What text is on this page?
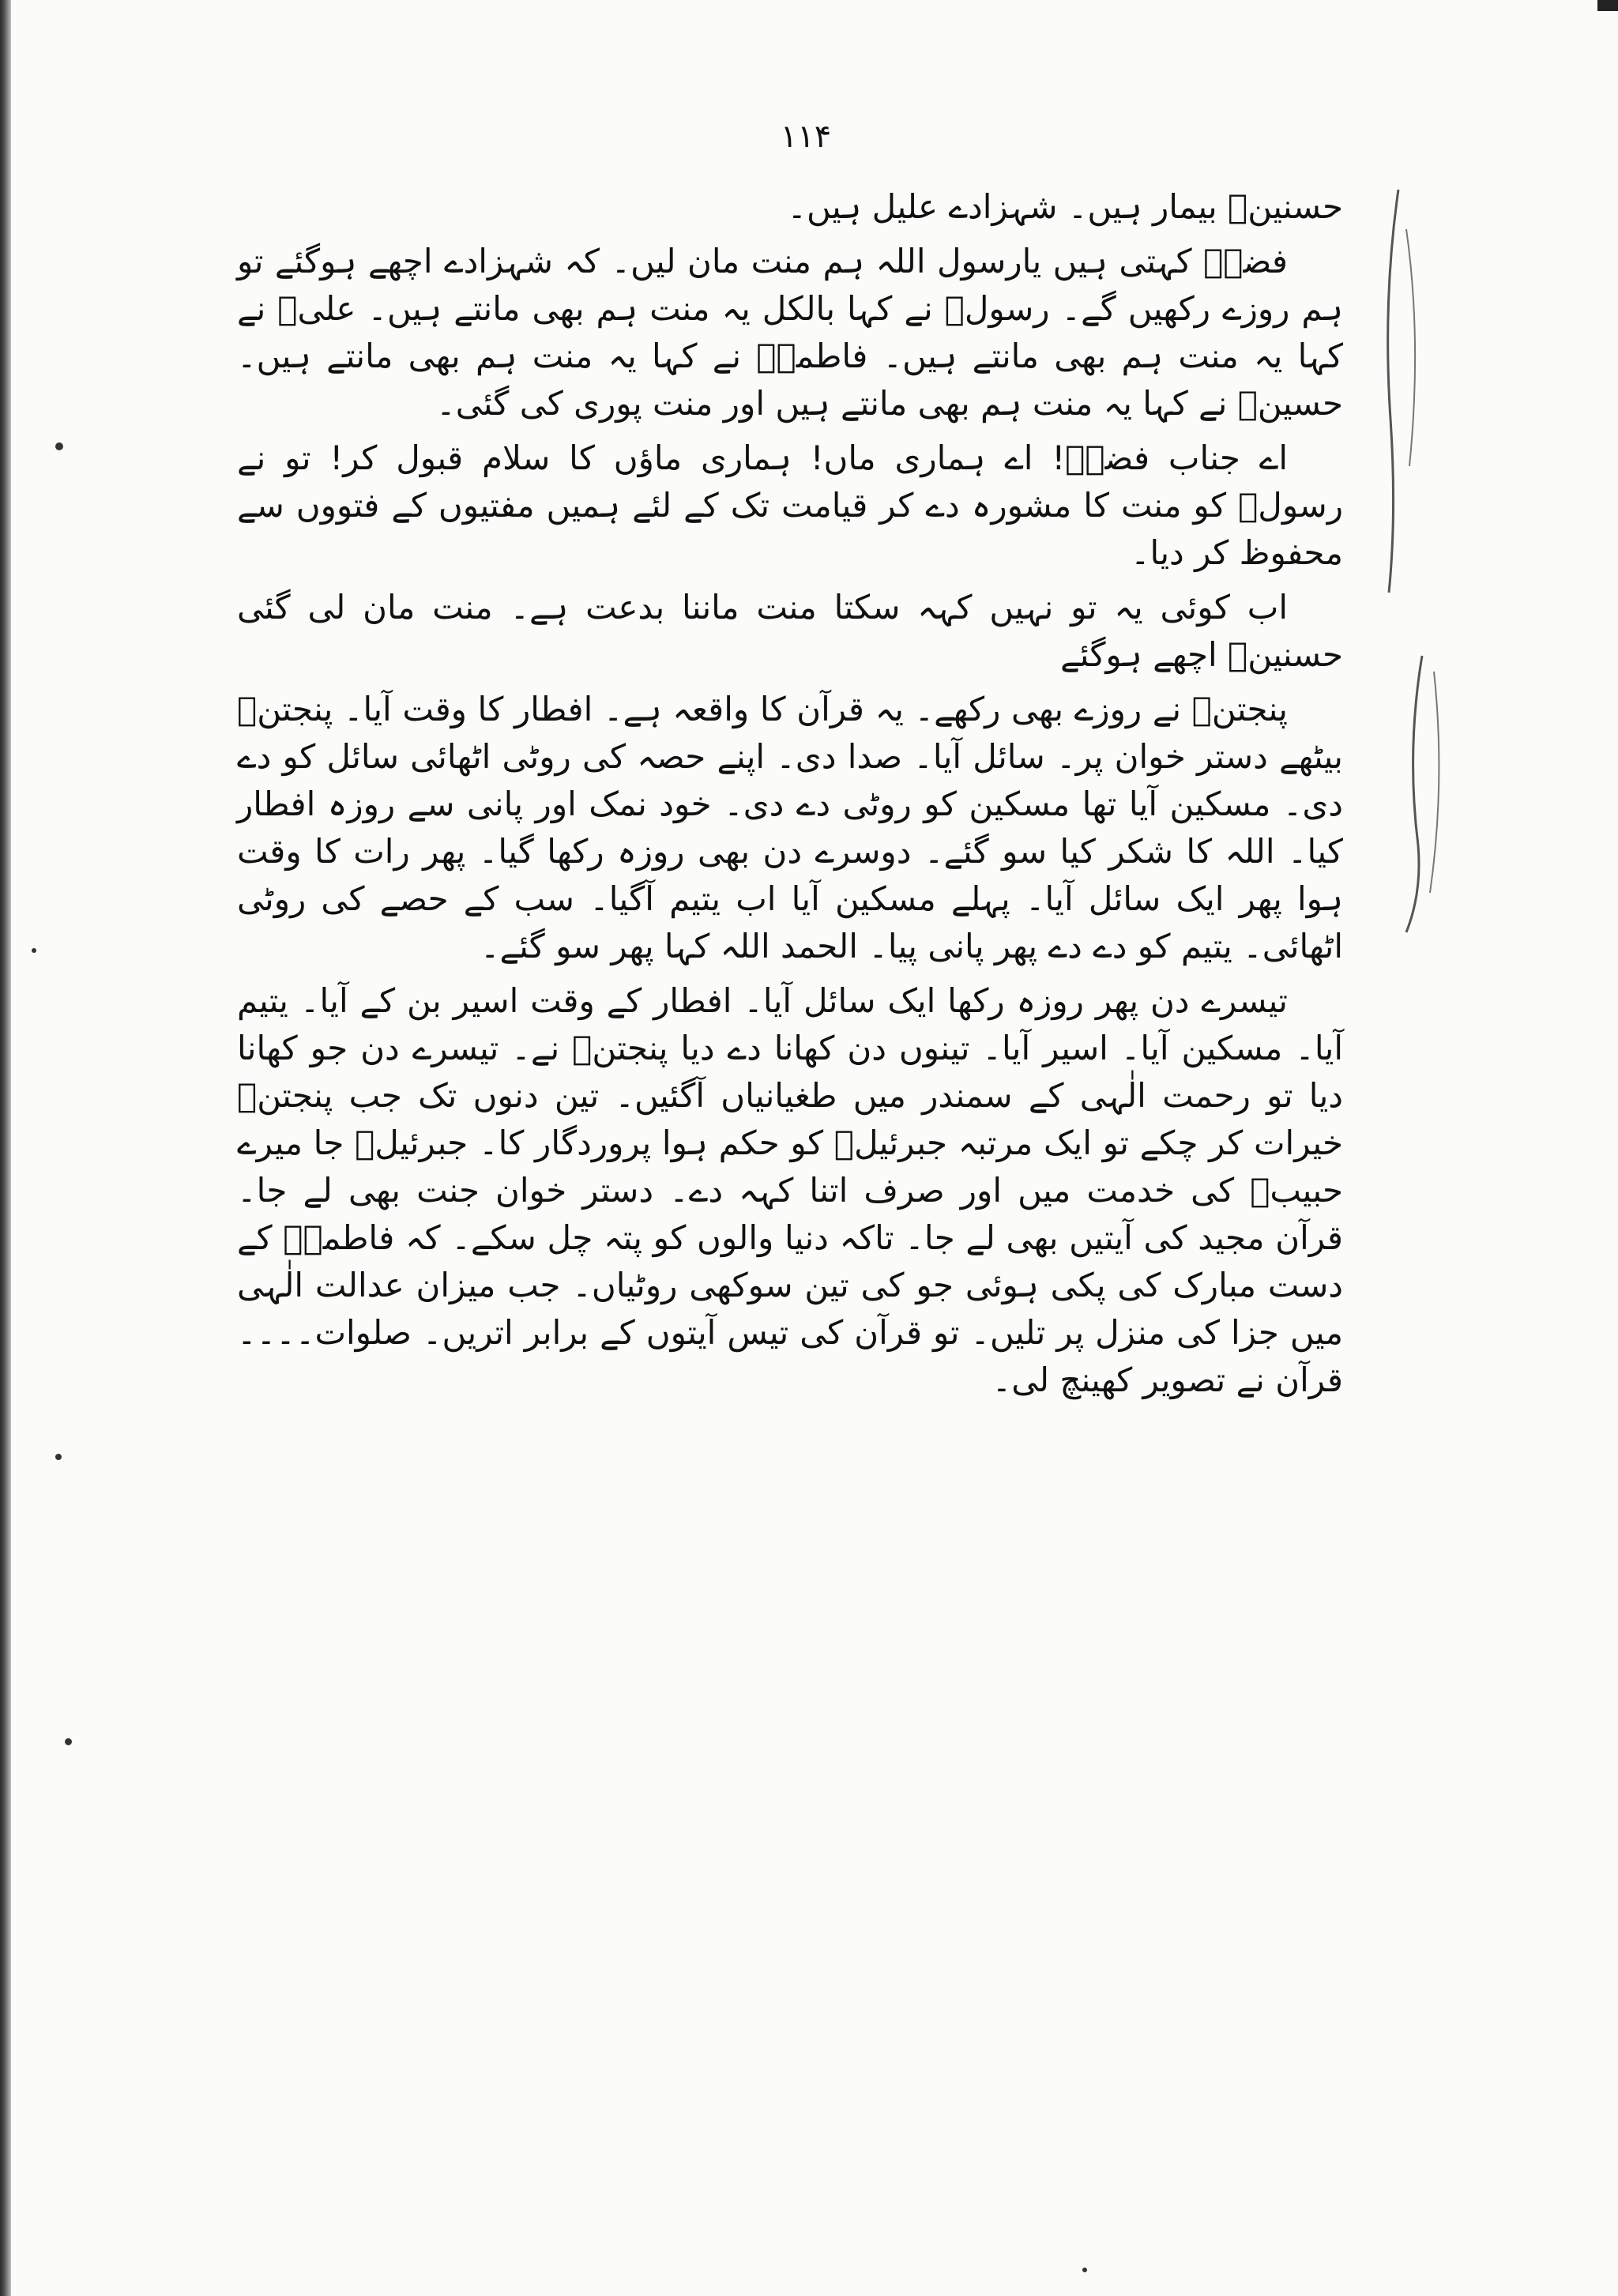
۱۱۴

حسنینؑ بیمار ہیں۔ شہزادے علیل ہیں۔

فضہؑ کہتی ہیں یارسول اللہ ہم منت مان لیں۔ کہ شہزادے اچھے ہوگئے تو ہم روزے رکھیں گے۔ رسولؐ نے کہا بالکل یہ منت ہم بھی مانتے ہیں۔ علیؑ نے کہا یہ منت ہم بھی مانتے ہیں۔ فاطمہؑ نے کہا یہ منت ہم بھی مانتے ہیں۔ حسینؑ نے کہا یہ منت ہم بھی مانتے ہیں اور منت پوری کی گئی۔

اے جناب فضہؑ! اے ہماری ماں! ہماری ماؤں کا سلام قبول کر! تو نے رسولؐ کو منت کا مشورہ دے کر قیامت تک کے لئے ہمیں مفتیوں کے فتووں سے محفوظ کر دیا۔

اب کوئی یہ تو نہیں کہہ سکتا منت ماننا بدعت ہے۔ منت مان لی گئی حسنینؑ اچھے ہوگئے

پنجتنؑ نے روزے بھی رکھے۔ یہ قرآن کا واقعہ ہے۔ افطار کا وقت آیا۔ پنجتنؑ بیٹھے دستر خوان پر۔ سائل آیا۔ صدا دی۔ اپنے حصہ کی روٹی اٹھائی سائل کو دے دی۔ مسکین آیا تھا مسکین کو روٹی دے دی۔ خود نمک اور پانی سے روزہ افطار کیا۔ اللہ کا شکر کیا سو گئے۔ دوسرے دن بھی روزہ رکھا گیا۔ پھر رات کا وقت ہوا پھر ایک سائل آیا۔ پہلے مسکین آیا اب یتیم آگیا۔ سب کے حصے کی روٹی اٹھائی۔ یتیم کو دے دے پھر پانی پیا۔ الحمد اللہ کہا پھر سو گئے۔

تیسرے دن پھر روزہ رکھا ایک سائل آیا۔ افطار کے وقت اسیر بن کے آیا۔ یتیم آیا۔ مسکین آیا۔ اسیر آیا۔ تینوں دن کھانا دے دیا پنجتنؑ نے۔ تیسرے دن جو کھانا دیا تو رحمت الٰہی کے سمندر میں طغیانیاں آگئیں۔ تین دنوں تک جب پنجتنؑ خیرات کر چکے تو ایک مرتبہ جبرئیلؑ کو حکم ہوا پروردگار کا۔ جبرئیلؑ جا میرے حبیبؐ کی خدمت میں اور صرف اتنا کہہ دے۔ دستر خوان جنت بھی لے جا۔ قرآن مجید کی آیتیں بھی لے جا۔ تاکہ دنیا والوں کو پتہ چل سکے۔ کہ فاطمہؑ کے دست مبارک کی پکی ہوئی جو کی تین سوکھی روٹیاں۔ جب میزان عدالت الٰہی میں جزا کی منزل پر تلیں۔ تو قرآن کی تیس آیتوں کے برابر اتریں۔ صلوات۔۔۔۔ قرآن نے تصویر کھینچ لی۔
